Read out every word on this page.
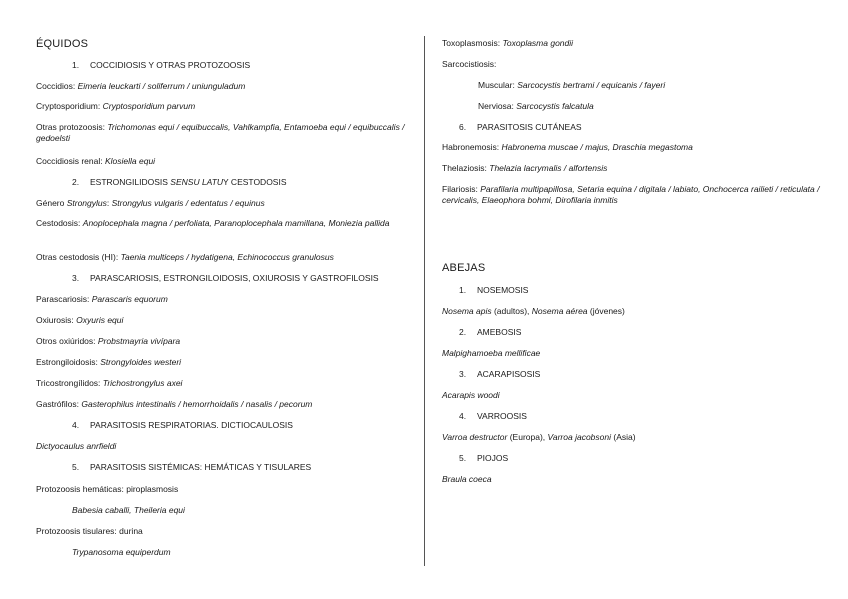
ÉQUIDOS
1. COCCIDIOSIS Y OTRAS PROTOZOOSIS
Coccidios: Eimeria leuckarti / soliferrum / uniunguladum
Cryptosporidium: Cryptosporidium parvum
Otras protozoosis: Trichomonas equi / equibuccalis, Vahlkampfia, Entamoeba equi / equibuccalis / gedoelsti
Coccidiosis renal: Klosiella equi
2. ESTRONGILIDOSIS SENSU LATUY CESTODOSIS
Género Strongylus: Strongylus vulgaris / edentatus / equinus
Cestodosis: Anoplocephala magna / perfoliata, Paranoplocephala mamillana, Moniezia pallida
Otras cestodosis (HI): Taenia multiceps / hydatigena, Echinococcus granulosus
3. PARASCARIOSIS, ESTRONGILOIDOSIS, OXIUROSIS Y GASTROFILOSIS
Parascariosis: Parascaris equorum
Oxiurosis: Oxyuris equi
Otros oxiúridos: Probstmayria vivípara
Estrongiloidosis: Strongyloides westeri
Tricostrongílidos: Trichostrongylus axei
Gastrófilos: Gasterophilus intestinalis / hemorrhoidalis / nasalis / pecorum
4. PARASITOSIS RESPIRATORIAS. DICTIOCAULOSIS
Dictyocaulus anrfieldi
5. PARASITOSIS SISTÉMICAS: HEMÁTICAS Y TISULARES
Protozoosis hemáticas: piroplasmosis
Babesia caballi, Theileria equi
Protozoosis tisulares: durina
Trypanosoma equiperdum
Toxoplasmosis: Toxoplasma gondii
Sarcocistiosis:
Muscular: Sarcocystis bertrami / equicanis / fayeri
Nerviosa: Sarcocystis falcatula
6. PARASITOSIS CUTÁNEAS
Habronemosis: Habronema muscae / majus, Draschia megastoma
Thelaziosis: Thelazia lacrymalis / alfortensis
Filariosis: Parafilaria multipapillosa, Setaria equina / digitala / labiato, Onchocerca railieti / reticulata / cervicalis, Elaeophora bohmi, Dirofilaria inmitis
ABEJAS
1. NOSEMOSIS
Nosema apis (adultos), Nosema aérea (jóvenes)
2. AMEBOSIS
Malpighamoeba mellificae
3. ACARAPISOSIS
Acarapis woodi
4. VARROOSIS
Varroa destructor (Europa), Varroa jacobsoni (Asia)
5. PIOJOS
Braula coeca
